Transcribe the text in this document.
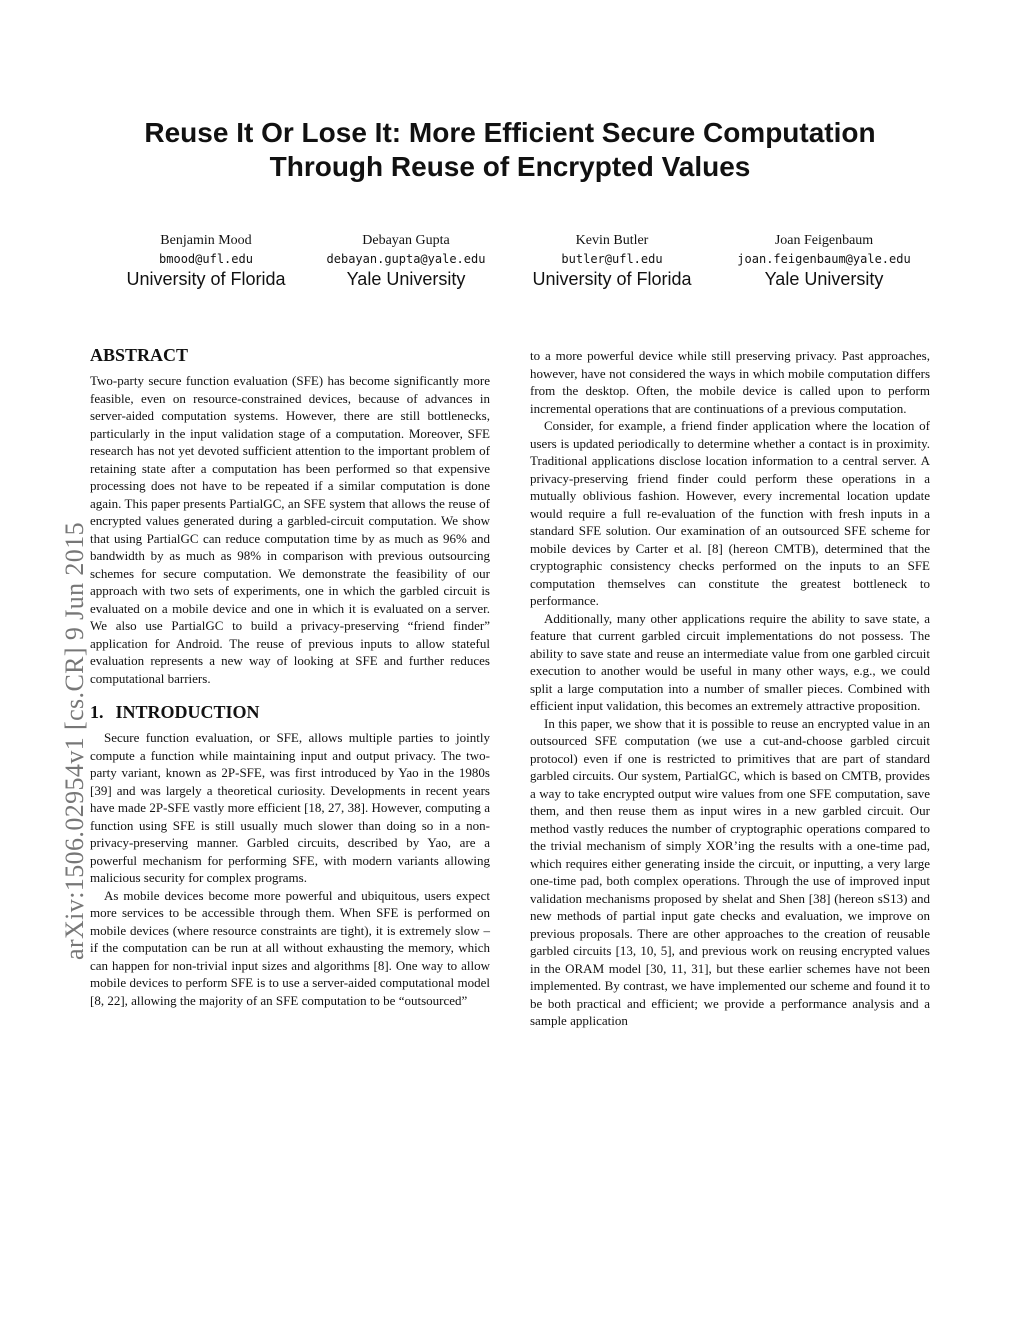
arXiv:1506.02954v1 [cs.CR] 9 Jun 2015
Reuse It Or Lose It: More Efficient Secure Computation Through Reuse of Encrypted Values
Benjamin Mood
bmood@ufl.edu
University of Florida
Debayan Gupta
debayan.gupta@yale.edu
Yale University
Kevin Butler
butler@ufl.edu
University of Florida
Joan Feigenbaum
joan.feigenbaum@yale.edu
Yale University
ABSTRACT

Two-party secure function evaluation (SFE) has become significantly more feasible, even on resource-constrained devices, because of advances in server-aided computation systems. However, there are still bottlenecks, particularly in the input validation stage of a computation. Moreover, SFE research has not yet devoted sufficient attention to the important problem of retaining state after a computation has been performed so that expensive processing does not have to be repeated if a similar computation is done again. This paper presents PartialGC, an SFE system that allows the reuse of encrypted values generated during a garbled-circuit computation. We show that using PartialGC can reduce computation time by as much as 96% and bandwidth by as much as 98% in comparison with previous outsourcing schemes for secure computation. We demonstrate the feasibility of our approach with two sets of experiments, one in which the garbled circuit is evaluated on a mobile device and one in which it is evaluated on a server. We also use PartialGC to build a privacy-preserving “friend finder” application for Android. The reuse of previous inputs to allow stateful evaluation represents a new way of looking at SFE and further reduces computational barriers.

1. INTRODUCTION

Secure function evaluation, or SFE, allows multiple parties to jointly compute a function while maintaining input and output privacy. The two-party variant, known as 2P-SFE, was first introduced by Yao in the 1980s [39] and was largely a theoretical curiosity. Developments in recent years have made 2P-SFE vastly more efficient [18, 27, 38]. However, computing a function using SFE is still usually much slower than doing so in a non-privacy-preserving manner. Garbled circuits, described by Yao, are a powerful mechanism for performing SFE, with modern variants allowing malicious security for complex programs.

As mobile devices become more powerful and ubiquitous, users expect more services to be accessible through them. When SFE is performed on mobile devices (where resource constraints are tight), it is extremely slow – if the computation can be run at all without exhausting the memory, which can happen for non-trivial input sizes and algorithms [8]. One way to allow mobile devices to perform SFE is to use a server-aided computational model [8, 22], allowing the majority of an SFE computation to be “outsourced”

to a more powerful device while still preserving privacy. Past approaches, however, have not considered the ways in which mobile computation differs from the desktop. Often, the mobile device is called upon to perform incremental operations that are continuations of a previous computation.

Consider, for example, a friend finder application where the location of users is updated periodically to determine whether a contact is in proximity. Traditional applications disclose location information to a central server. A privacy-preserving friend finder could perform these operations in a mutually oblivious fashion. However, every incremental location update would require a full re-evaluation of the function with fresh inputs in a standard SFE solution. Our examination of an outsourced SFE scheme for mobile devices by Carter et al. [8] (hereon CMTB), determined that the cryptographic consistency checks performed on the inputs to an SFE computation themselves can constitute the greatest bottleneck to performance.

Additionally, many other applications require the ability to save state, a feature that current garbled circuit implementations do not possess. The ability to save state and reuse an intermediate value from one garbled circuit execution to another would be useful in many other ways, e.g., we could split a large computation into a number of smaller pieces. Combined with efficient input validation, this becomes an extremely attractive proposition.

In this paper, we show that it is possible to reuse an encrypted value in an outsourced SFE computation (we use a cut-and-choose garbled circuit protocol) even if one is restricted to primitives that are part of standard garbled circuits. Our system, PartialGC, which is based on CMTB, provides a way to take encrypted output wire values from one SFE computation, save them, and then reuse them as input wires in a new garbled circuit. Our method vastly reduces the number of cryptographic operations compared to the trivial mechanism of simply XOR’ing the results with a one-time pad, which requires either generating inside the circuit, or inputting, a very large one-time pad, both complex operations. Through the use of improved input validation mechanisms proposed by shelat and Shen [38] (hereon sS13) and new methods of partial input gate checks and evaluation, we improve on previous proposals. There are other approaches to the creation of reusable garbled circuits [13, 10, 5], and previous work on reusing encrypted values in the ORAM model [30, 11, 31], but these earlier schemes have not been implemented. By contrast, we have implemented our scheme and found it to be both practical and efficient; we provide a performance analysis and a sample application
